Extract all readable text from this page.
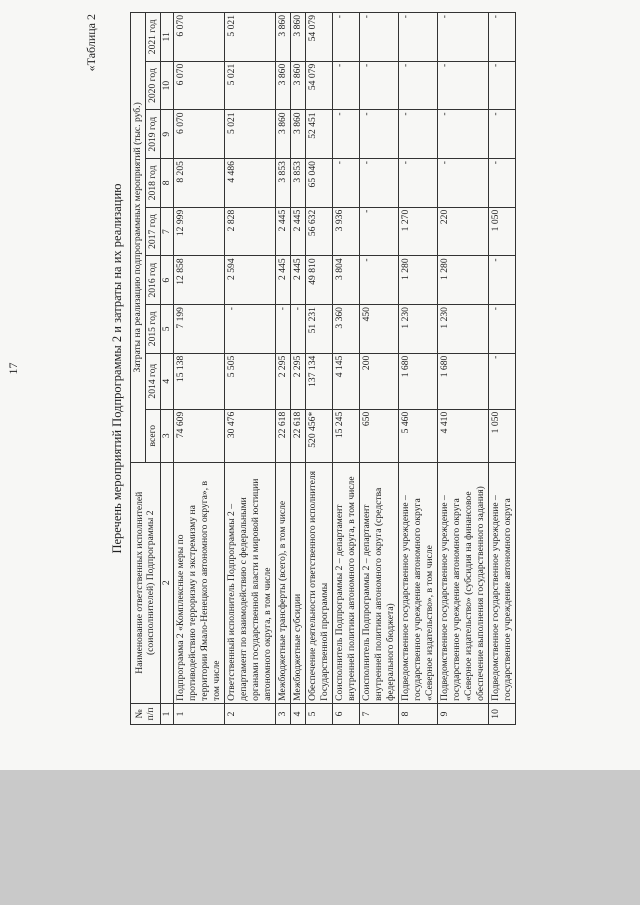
17
«Таблица 2
Перечень мероприятий Подпрограммы 2 и затраты на их реализацию
№ п/п	Наименование ответственных исполнителей (соисполнителей) Подпрограммы 2	Затраты на реализацию подпрограммных мероприятий (тыс. руб.)								
		всего	2014 год	2015 год	2016 год	2017 год	2018 год	2019 год	2020 год	2021 год
1	2	3	4	5	6	7	8	9	10	11
1	Подпрограмма 2 «Комплексные меры по противодействию терроризму и экстремизму на территории Ямало-Ненецкого автономного округа», в том числе	74 609	15 138	7 199	12 858	12 999	8 205	6 070	6 070	6 070
2	Ответственный исполнитель Подпрограммы 2 – департамент по взаимодействию с федеральными органами государственной власти и мировой юстиции автономного округа, в том числе	30 476	5 505	-	2 594	2 828	4 486	5 021	5 021	5 021
3	Межбюджетные трансферты (всего), в том числе	22 618	2 295	-	2 445	2 445	3 853	3 860	3 860	3 860
4	Межбюджетные субсидии	22 618	2 295	-	2 445	2 445	3 853	3 860	3 860	3 860
5	Обеспечение деятельности ответственного исполнителя Государственной программы	520 456*	137 134	51 231	49 810	56 632	65 040	52 451	54 079	54 079
6	Соисполнитель Подпрограммы 2 – департамент внутренней политики автономного округа, в том числе	15 245	4 145	3 360	3 804	3 936	-	-	-	-
7	Соисполнитель Подпрограммы 2 – департамент внутренней политики автономного округа (средства федерального бюджета)	650	200	450	-	-	-	-	-	-
8	Подведомственное государственное учреждение – государственное учреждение автономного округа «Северное издательство», в том числе	5 460	1 680	1 230	1 280	1 270	-	-	-	-
9	Подведомственное государственное учреждение – государственное учреждение автономного округа «Северное издательство» (субсидия на финансовое обеспечение выполнения государственного задания)	4 410	1 680	1 230	1 280	220	-	-	-	-
10	Подведомственное государственное учреждение – государственное учреждение автономного округа	1 050	-	-	-	1 050	-	-	-	-
